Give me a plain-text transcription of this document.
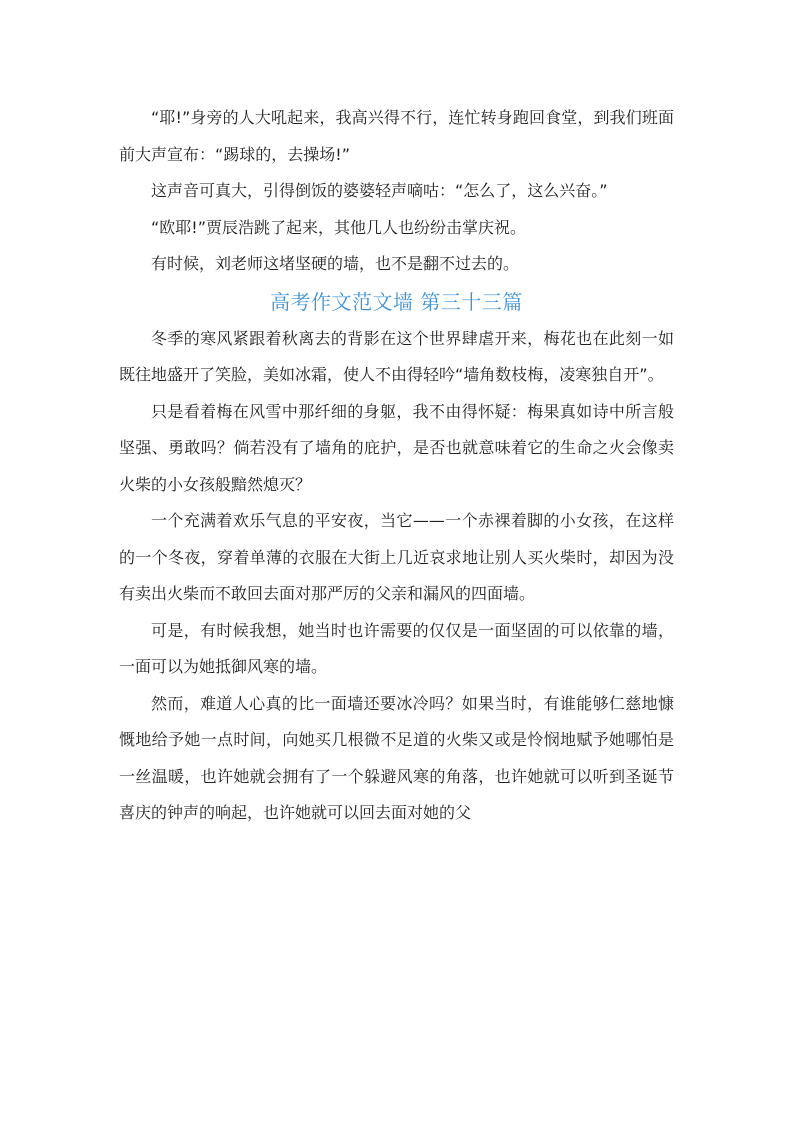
“耶!”身旁的人大吼起来，我高兴得不行，连忙转身跑回食堂，到我们班面前大声宣布：“踢球的，去操场!”

这声音可真大，引得倒饭的婆婆轻声嘀咕：“怎么了，这么兴奋。”

“欧耶!”贾辰浩跳了起来，其他几人也纷纷击掌庆祝。

有时候，刘老师这堵坚硬的墙，也不是翻不过去的。

高考作文范文墙 第三十三篇

冬季的寒风紧跟着秋离去的背影在这个世界肆虐开来，梅花也在此刻一如既往地盛开了笑脸，美如冰霜，使人不由得轻吟“墙角数枝梅，凌寒独自开”。

只是看着梅在风雪中那纤细的身躯，我不由得怀疑：梅果真如诗中所言般坚强、勇敢吗？倘若没有了墙角的庇护，是否也就意味着它的生命之火会像卖火柴的小女孩般黯然熄灭？

一个充满着欢乐气息的平安夜，当它——一个赤裸着脚的小女孩，在这样的一个冬夜，穿着单薄的衣服在大街上几近哀求地让别人买火柴时，却因为没有卖出火柴而不敢回去面对那严厉的父亲和漏风的四面墙。

可是，有时候我想，她当时也许需要的仅仅是一面坚固的可以依靠的墙，一面可以为她抵御风寒的墙。

然而，难道人心真的比一面墙还要冰冷吗？如果当时，有谁能够仁慈地慷慨地给予她一点时间，向她买几根微不足道的火柴又或是怜悯地赋予她哪怕是一丝温暖，也许她就会拥有了一个躲避风寒的角落，也许她就可以听到圣诞节喜庆的钟声的响起，也许她就可以回去面对她的父
